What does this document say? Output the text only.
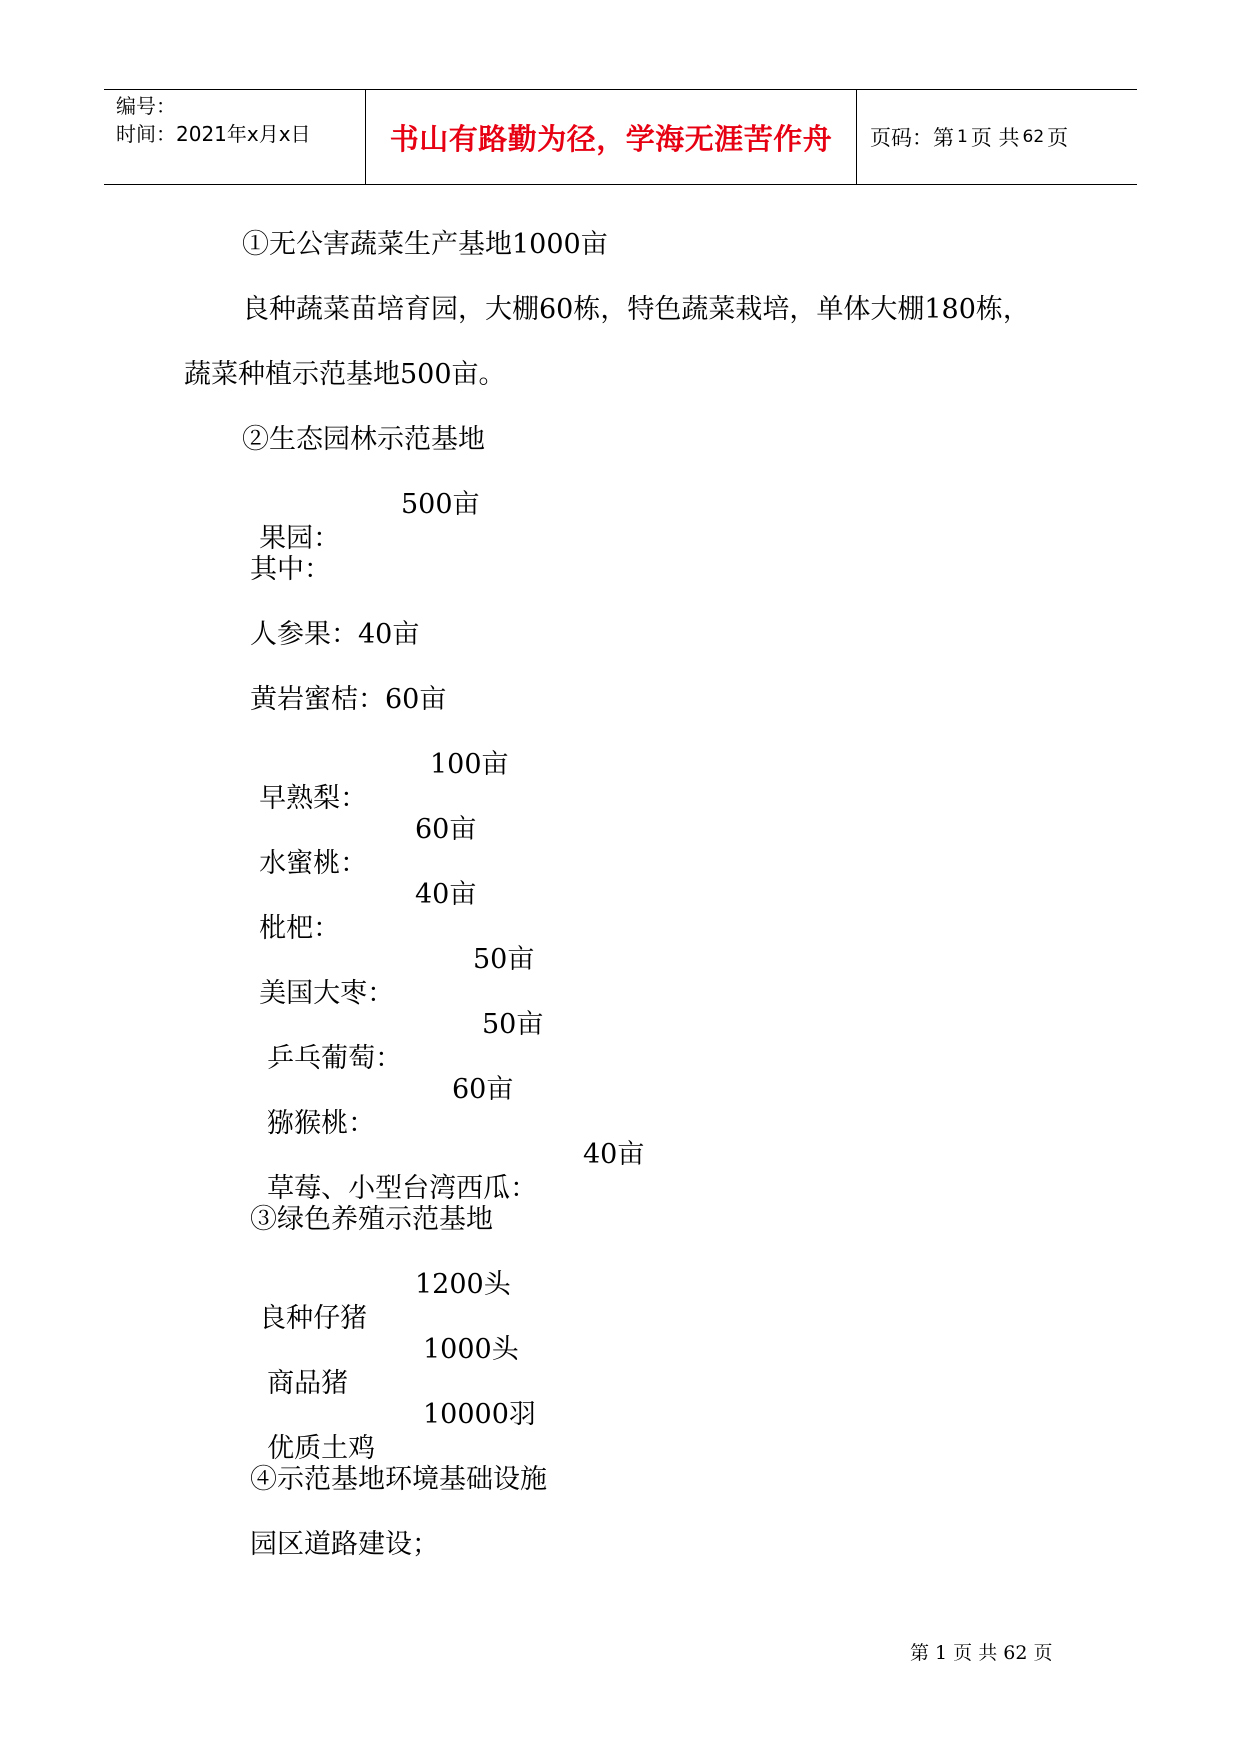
编号：
时间：2021年x月x日	书山有路勤为径，学海无涯苦作舟	页码：第 1 页 共 62 页
①无公害蔬菜生产基地1000亩
良种蔬菜苗培育园，大棚60栋，特色蔬菜栽培，单体大棚180栋，
蔬菜种植示范基地500亩。
②生态园林示范基地

果园：

500亩

其中：
人参果：40亩
黄岩蜜桔：60亩

早熟梨：

100亩

水蜜桃：

60亩

枇杷：

40亩

美国大枣：

50亩

乒乓葡萄：

50亩

猕猴桃：

60亩

草莓、小型台湾西瓜：

40亩

③绿色养殖示范基地

良种仔猪

1200头

商品猪

1000头

优质土鸡

10000羽

④示范基地环境基础设施
园区道路建设；
第 1 页 共 62 页
